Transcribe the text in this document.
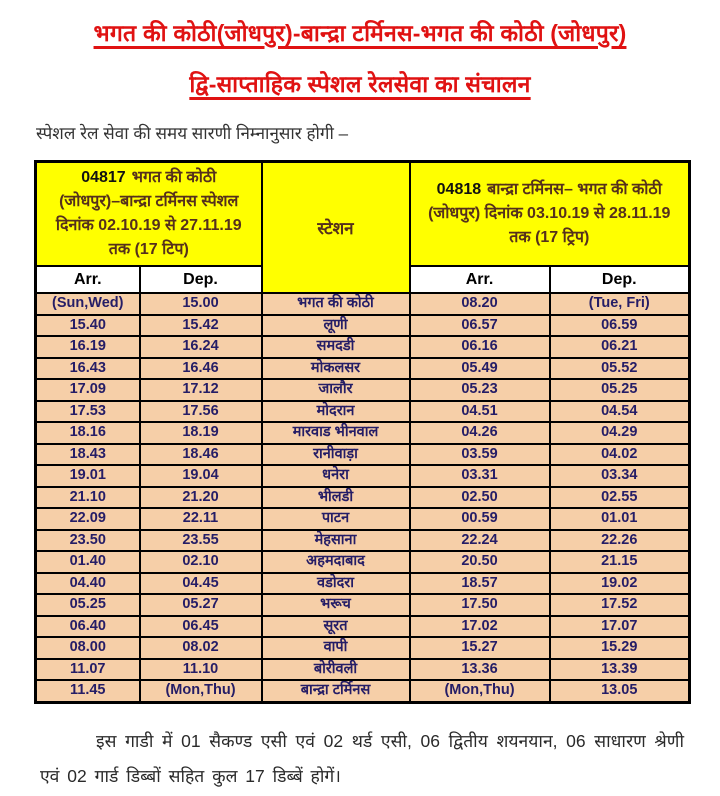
भगत की कोठी(जोधपुर)-बान्द्रा टर्मिनस-भगत की कोठी (जोधपुर)
द्वि-साप्ताहिक स्पेशल रेलसेवा का संचालन

स्पेशल रेल सेवा की समय सारणी निम्नानुसार होगी –

04817 भगत की कोठी (जोधपुर)–बान्द्रा टर्मिनस स्पेशल दिनांक 02.10.19 से 27.11.19 तक (17 टिप)		स्टेशन	04818 बान्द्रा टर्मिनस– भगत की कोठी (जोधपुर) दिनांक 03.10.19 से 28.11.19 तक (17 ट्रिप)	
Arr.	Dep.		Arr.	Dep.
(Sun,Wed)	15.00	भगत की कोठी	08.20	(Tue, Fri)
15.40	15.42	लूणी	06.57	06.59
16.19	16.24	समदडी	06.16	06.21
16.43	16.46	मोकलसर	05.49	05.52
17.09	17.12	जालौर	05.23	05.25
17.53	17.56	मोदरान	04.51	04.54
18.16	18.19	मारवाड भीनवाल	04.26	04.29
18.43	18.46	रानीवाड़ा	03.59	04.02
19.01	19.04	धनेरा	03.31	03.34
21.10	21.20	भीलडी	02.50	02.55
22.09	22.11	पाटन	00.59	01.01
23.50	23.55	मेहसाना	22.24	22.26
01.40	02.10	अहमदाबाद	20.50	21.15
04.40	04.45	वडोदरा	18.57	19.02
05.25	05.27	भरूच	17.50	17.52
06.40	06.45	सूरत	17.02	17.07
08.00	08.02	वापी	15.27	15.29
11.07	11.10	बोरीवली	13.36	13.39
11.45	(Mon,Thu)	बान्द्रा टर्मिनस	(Mon,Thu)	13.05

इस गाडी में 01 सैकण्ड एसी एवं 02 थर्ड एसी, 06 द्वितीय शयनयान, 06 साधारण श्रेणी एवं 02 गार्ड डिब्बों सहित कुल 17 डिब्बें होगें।
